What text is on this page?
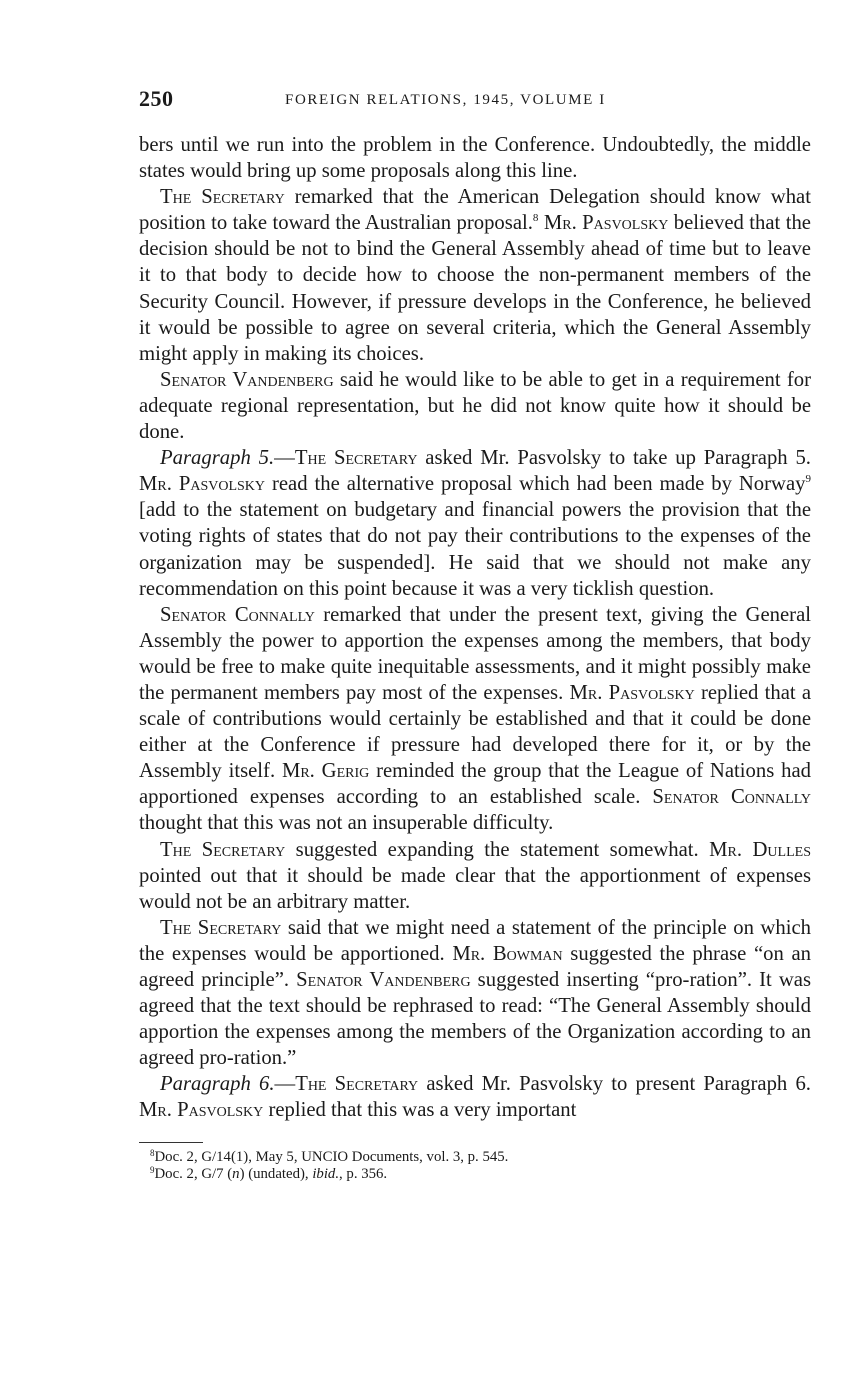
250	FOREIGN RELATIONS, 1945, VOLUME I

bers until we run into the problem in the Conference. Undoubtedly, the middle states would bring up some proposals along this line.

The Secretary remarked that the American Delegation should know what position to take toward the Australian proposal.$^8$ Mr. Pasvolsky believed that the decision should be not to bind the General Assembly ahead of time but to leave it to that body to decide how to choose the non-permanent members of the Security Council. However, if pressure develops in the Conference, he believed it would be possible to agree on several criteria, which the General Assembly might apply in making its choices.

Senator Vandenberg said he would like to be able to get in a requirement for adequate regional representation, but he did not know quite how it should be done.

Paragraph 5.—The Secretary asked Mr. Pasvolsky to take up Paragraph 5. Mr. Pasvolsky read the alternative proposal which had been made by Norway$^9$ [add to the statement on budgetary and financial powers the provision that the voting rights of states that do not pay their contributions to the expenses of the organization may be suspended]. He said that we should not make any recommendation on this point because it was a very ticklish question.

Senator Connally remarked that under the present text, giving the General Assembly the power to apportion the expenses among the members, that body would be free to make quite inequitable assessments, and it might possibly make the permanent members pay most of the expenses. Mr. Pasvolsky replied that a scale of contributions would certainly be established and that it could be done either at the Conference if pressure had developed there for it, or by the Assembly itself. Mr. Gerig reminded the group that the League of Nations had apportioned expenses according to an established scale. Senator Connally thought that this was not an insuperable difficulty.

The Secretary suggested expanding the statement somewhat. Mr. Dulles pointed out that it should be made clear that the apportionment of expenses would not be an arbitrary matter.

The Secretary said that we might need a statement of the principle on which the expenses would be apportioned. Mr. Bowman suggested the phrase “on an agreed principle”. Senator Vandenberg suggested inserting “pro-ration”. It was agreed that the text should be rephrased to read: “The General Assembly should apportion the expenses among the members of the Organization according to an agreed pro-ration.”

Paragraph 6.—The Secretary asked Mr. Pasvolsky to present Paragraph 6. Mr. Pasvolsky replied that this was a very important

$^8$Doc. 2, G/14(1), May 5, UNCIO Documents, vol. 3, p. 545.
$^9$Doc. 2, G/7 (n) (undated), ibid., p. 356.
